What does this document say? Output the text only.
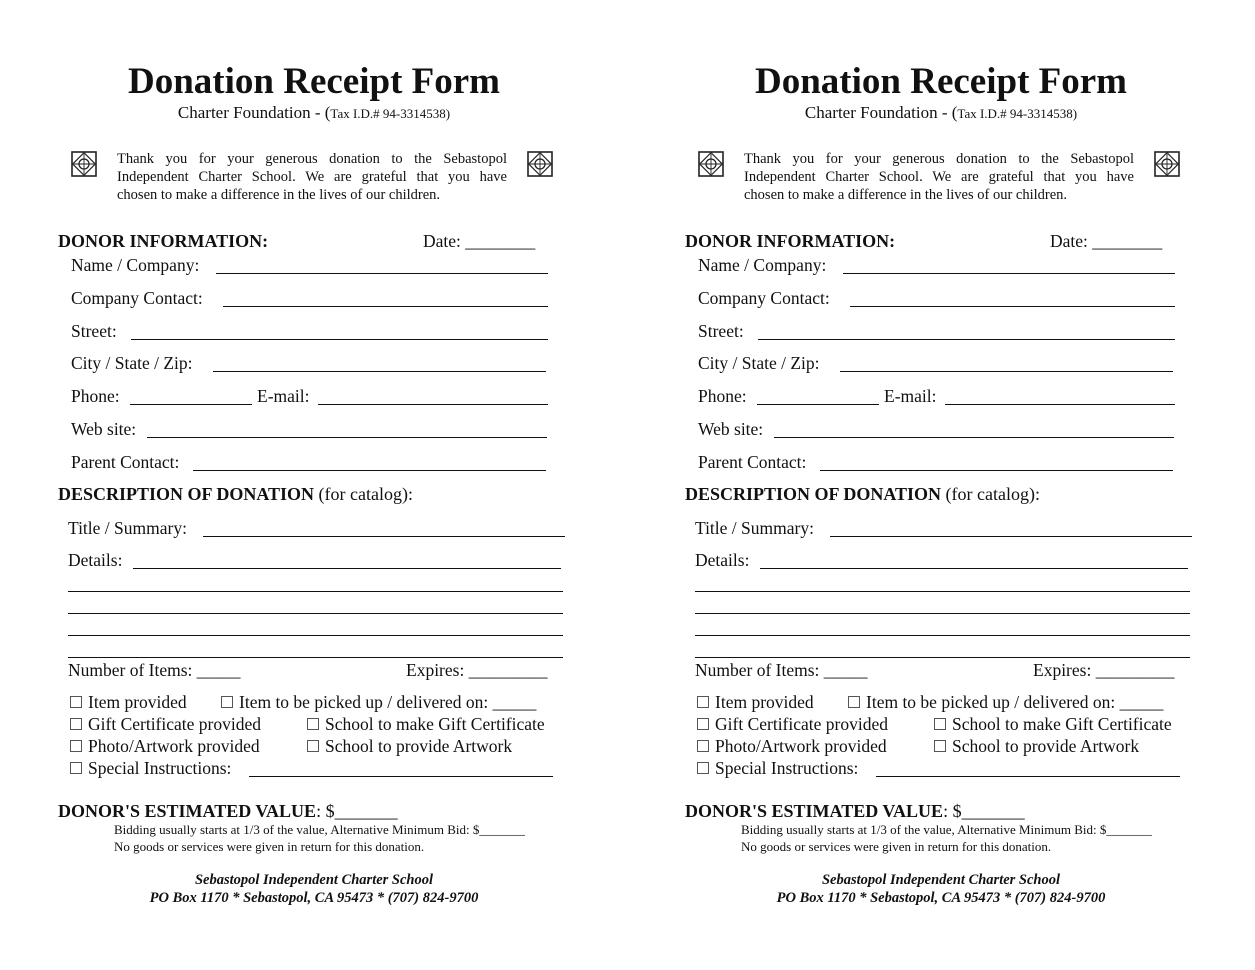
Donation Receipt Form
Charter Foundation - (Tax I.D.# 94-3314538)
Thank you for your generous donation to the Sebastopol
Independent Charter School. We are grateful that you have
chosen to make a difference in the lives of our children.
DONOR INFORMATION:	Date: ________
Name / Company:
Company Contact:
Street:
City / State / Zip:
Phone:	E-mail:
Web site:
Parent Contact:
DESCRIPTION OF DONATION (for catalog):
Title / Summary:
Details:
Number of Items: _____	Expires: _________
Item provided	Item to be picked up / delivered on: _____
Gift Certificate provided	School to make Gift Certificate
Photo/Artwork provided	School to provide Artwork
Special Instructions:
DONOR'S ESTIMATED VALUE: $_______
Bidding usually starts at 1/3 of the value, Alternative Minimum Bid: $_______
No goods or services were given in return for this donation.
Sebastopol Independent Charter School
PO Box 1170 * Sebastopol, CA 95473 * (707) 824-9700
Donation Receipt Form
Charter Foundation - (Tax I.D.# 94-3314538)
Thank you for your generous donation to the Sebastopol
Independent Charter School. We are grateful that you have
chosen to make a difference in the lives of our children.
DONOR INFORMATION:	Date: ________
Name / Company:
Company Contact:
Street:
City / State / Zip:
Phone:	E-mail:
Web site:
Parent Contact:
DESCRIPTION OF DONATION (for catalog):
Title / Summary:
Details:
Number of Items: _____	Expires: _________
Item provided	Item to be picked up / delivered on: _____
Gift Certificate provided	School to make Gift Certificate
Photo/Artwork provided	School to provide Artwork
Special Instructions:
DONOR'S ESTIMATED VALUE: $_______
Bidding usually starts at 1/3 of the value, Alternative Minimum Bid: $_______
No goods or services were given in return for this donation.
Sebastopol Independent Charter School
PO Box 1170 * Sebastopol, CA 95473 * (707) 824-9700
